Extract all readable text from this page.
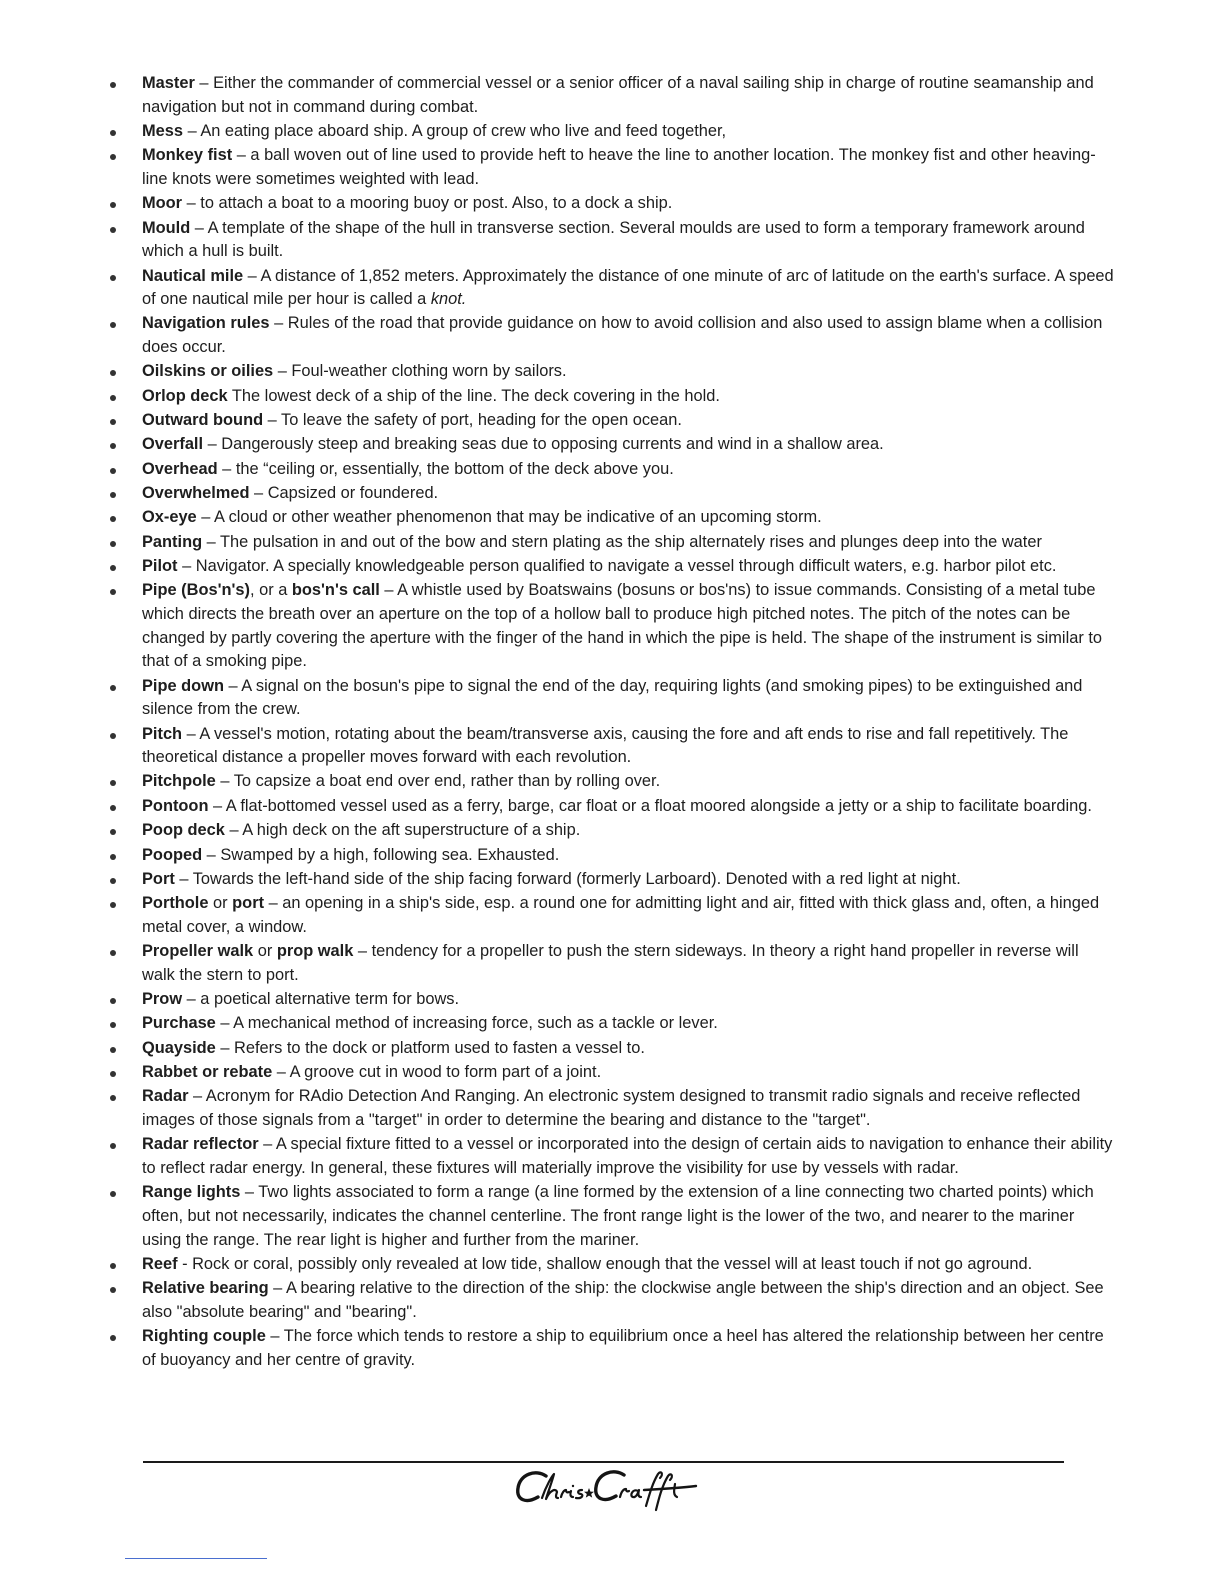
Master – Either the commander of commercial vessel or a senior officer of a naval sailing ship in charge of routine seamanship and navigation but not in command during combat.
Mess – An eating place aboard ship. A group of crew who live and feed together,
Monkey fist – a ball woven out of line used to provide heft to heave the line to another location. The monkey fist and other heaving-line knots were sometimes weighted with lead.
Moor – to attach a boat to a mooring buoy or post. Also, to a dock a ship.
Mould – A template of the shape of the hull in transverse section. Several moulds are used to form a temporary framework around which a hull is built.
Nautical mile – A distance of 1,852 meters. Approximately the distance of one minute of arc of latitude on the earth's surface. A speed of one nautical mile per hour is called a knot.
Navigation rules – Rules of the road that provide guidance on how to avoid collision and also used to assign blame when a collision does occur.
Oilskins or oilies – Foul-weather clothing worn by sailors.
Orlop deck The lowest deck of a ship of the line. The deck covering in the hold.
Outward bound – To leave the safety of port, heading for the open ocean.
Overfall – Dangerously steep and breaking seas due to opposing currents and wind in a shallow area.
Overhead – the “ceiling or, essentially, the bottom of the deck above you.
Overwhelmed – Capsized or foundered.
Ox-eye – A cloud or other weather phenomenon that may be indicative of an upcoming storm.
Panting – The pulsation in and out of the bow and stern plating as the ship alternately rises and plunges deep into the water
Pilot – Navigator. A specially knowledgeable person qualified to navigate a vessel through difficult waters, e.g. harbor pilot etc.
Pipe (Bos'n's), or a bos'n's call – A whistle used by Boatswains (bosuns or bos'ns) to issue commands. Consisting of a metal tube which directs the breath over an aperture on the top of a hollow ball to produce high pitched notes. The pitch of the notes can be changed by partly covering the aperture with the finger of the hand in which the pipe is held. The shape of the instrument is similar to that of a smoking pipe.
Pipe down – A signal on the bosun's pipe to signal the end of the day, requiring lights (and smoking pipes) to be extinguished and silence from the crew.
Pitch – A vessel's motion, rotating about the beam/transverse axis, causing the fore and aft ends to rise and fall repetitively. The theoretical distance a propeller moves forward with each revolution.
Pitchpole – To capsize a boat end over end, rather than by rolling over.
Pontoon – A flat-bottomed vessel used as a ferry, barge, car float or a float moored alongside a jetty or a ship to facilitate boarding.
Poop deck – A high deck on the aft superstructure of a ship.
Pooped – Swamped by a high, following sea. Exhausted.
Port – Towards the left-hand side of the ship facing forward (formerly Larboard). Denoted with a red light at night.
Porthole or port – an opening in a ship's side, esp. a round one for admitting light and air, fitted with thick glass and, often, a hinged metal cover, a window.
Propeller walk or prop walk – tendency for a propeller to push the stern sideways. In theory a right hand propeller in reverse will walk the stern to port.
Prow – a poetical alternative term for bows.
Purchase – A mechanical method of increasing force, such as a tackle or lever.
Quayside – Refers to the dock or platform used to fasten a vessel to.
Rabbet or rebate – A groove cut in wood to form part of a joint.
Radar – Acronym for RAdio Detection And Ranging. An electronic system designed to transmit radio signals and receive reflected images of those signals from a "target" in order to determine the bearing and distance to the "target".
Radar reflector – A special fixture fitted to a vessel or incorporated into the design of certain aids to navigation to enhance their ability to reflect radar energy. In general, these fixtures will materially improve the visibility for use by vessels with radar.
Range lights – Two lights associated to form a range (a line formed by the extension of a line connecting two charted points) which often, but not necessarily, indicates the channel centerline. The front range light is the lower of the two, and nearer to the mariner using the range. The rear light is higher and further from the mariner.
Reef - Rock or coral, possibly only revealed at low tide, shallow enough that the vessel will at least touch if not go aground.
Relative bearing – A bearing relative to the direction of the ship: the clockwise angle between the ship's direction and an object. See also "absolute bearing" and "bearing".
Righting couple – The force which tends to restore a ship to equilibrium once a heel has altered the relationship between her centre of buoyancy and her centre of gravity.
Chris★Craft
